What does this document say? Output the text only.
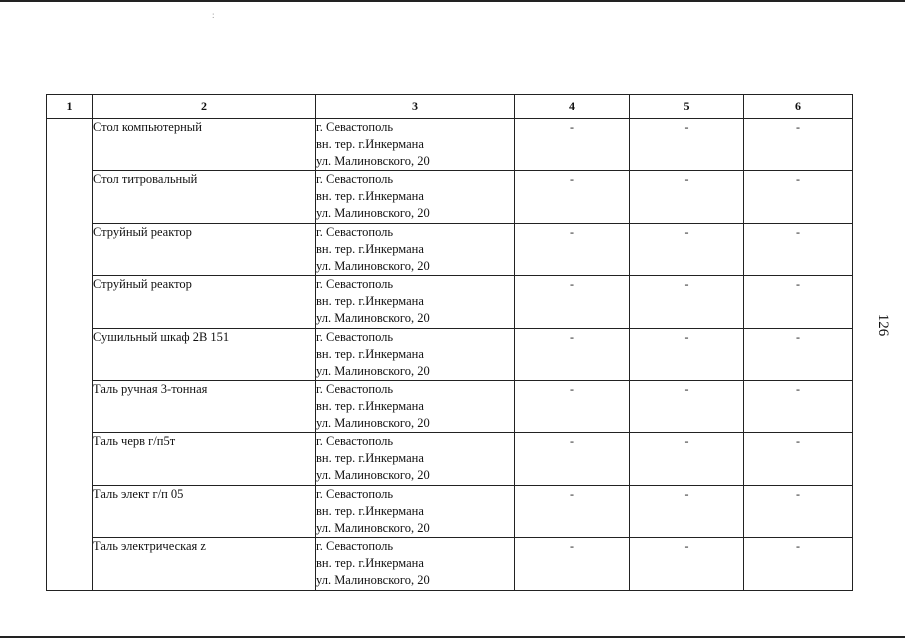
:
126
1	2	3	4	5	6
	Стол компьютерный	г. Севастополь
вн. тер. г.Инкермана
ул. Малиновского, 20	-	-	-
	Стол титровальный	г. Севастополь
вн. тер. г.Инкермана
ул. Малиновского, 20	-	-	-
	Струйный реактор	г. Севастополь
вн. тер. г.Инкермана
ул. Малиновского, 20	-	-	-
	Струйный реактор	г. Севастополь
вн. тер. г.Инкермана
ул. Малиновского, 20	-	-	-
	Сушильный шкаф 2В 151	г. Севастополь
вн. тер. г.Инкермана
ул. Малиновского, 20	-	-	-
	Таль ручная 3-тонная	г. Севастополь
вн. тер. г.Инкермана
ул. Малиновского, 20	-	-	-
	Таль черв г/п5т	г. Севастополь
вн. тер. г.Инкермана
ул. Малиновского, 20	-	-	-
	Таль элект г/п 05	г. Севастополь
вн. тер. г.Инкермана
ул. Малиновского, 20	-	-	-
	Таль электрическая z	г. Севастополь
вн. тер. г.Инкермана
ул. Малиновского, 20	-	-	-
